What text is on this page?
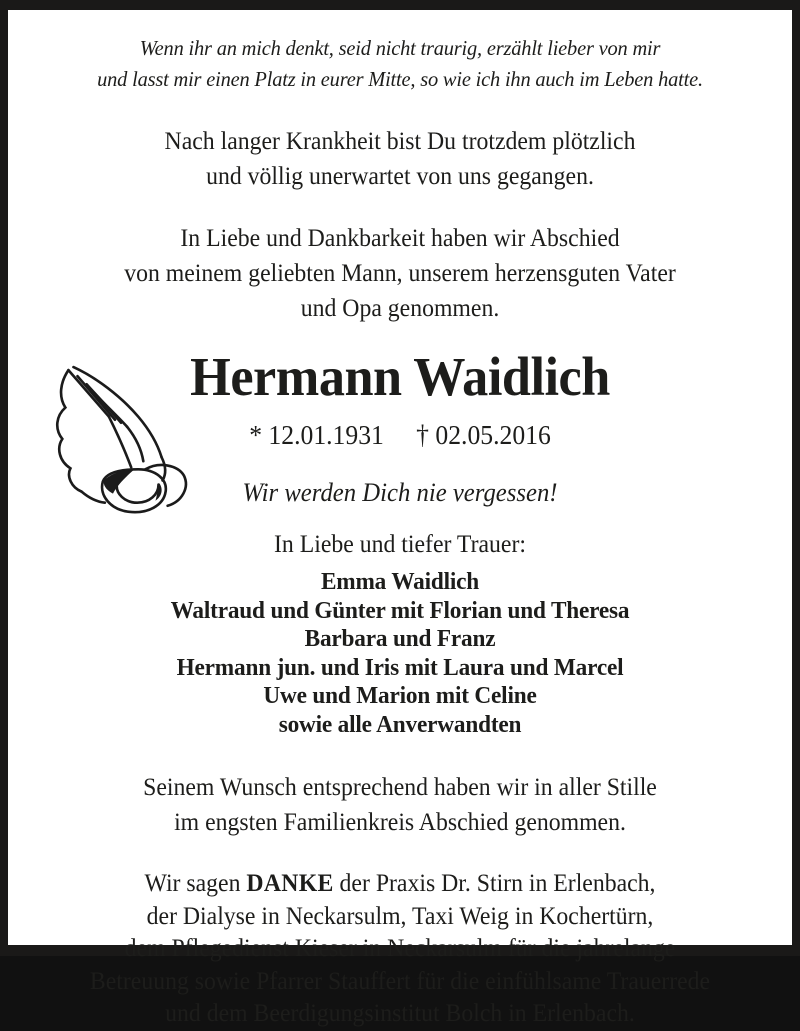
Wenn ihr an mich denkt, seid nicht traurig, erzählt lieber von mir
und lasst mir einen Platz in eurer Mitte, so wie ich ihn auch im Leben hatte.
Nach langer Krankheit bist Du trotzdem plötzlich
und völlig unerwartet von uns gegangen.
In Liebe und Dankbarkeit haben wir Abschied
von meinem geliebten Mann, unserem herzensguten Vater
und Opa genommen.
Hermann Waidlich
* 12.01.1931 † 02.05.2016
Wir werden Dich nie vergessen!
In Liebe und tiefer Trauer:
Emma Waidlich
Waltraud und Günter mit Florian und Theresa
Barbara und Franz
Hermann jun. und Iris mit Laura und Marcel
Uwe und Marion mit Celine
sowie alle Anverwandten
Seinem Wunsch entsprechend haben wir in aller Stille
im engsten Familienkreis Abschied genommen.
Wir sagen DANKE der Praxis Dr. Stirn in Erlenbach,
der Dialyse in Neckarsulm, Taxi Weig in Kochertürn,
dem Pflegedienst Kieser in Neckarsulm für die jahrelange
Betreuung sowie Pfarrer Stauffert für die einfühlsame Trauerrede
und dem Beerdigungsinstitut Bolch in Erlenbach.
